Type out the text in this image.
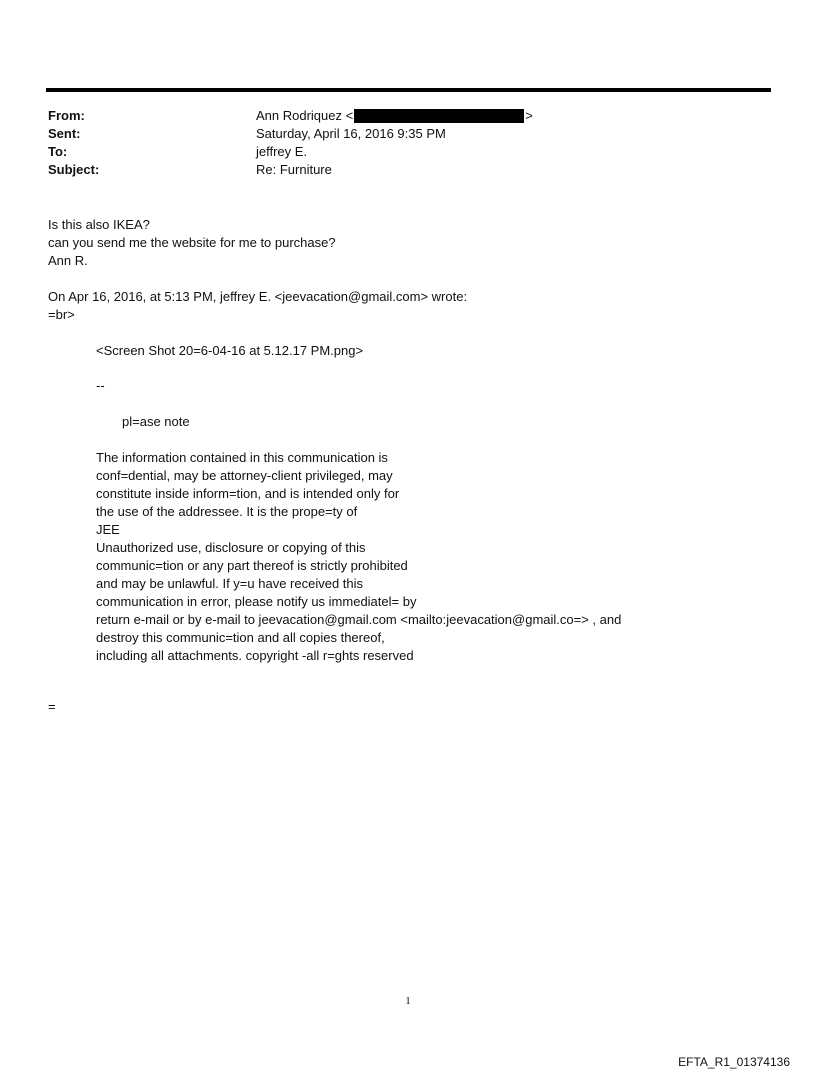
From:	Ann Rodriquez <	>
Sent:	Saturday, April 16, 2016 9:35 PM
To:	jeffrey E.
Subject:	Re: Furniture
Is this also IKEA?
can you send me the website for me to purchase?
Ann R.
On Apr 16, 2016, at 5:13 PM, jeffrey E. <jeevacation@gmail.com> wrote:
=br>
<Screen Shot 20=6-04-16 at 5.12.17 PM.png>
--
pl=ase note
The information contained in this communication is
conf=dential, may be attorney-client privileged, may
constitute inside inform=tion, and is intended only for
the use of the addressee. It is the prope=ty of
JEE
Unauthorized use, disclosure or copying of this
communic=tion or any part thereof is strictly prohibited
and may be unlawful. If y=u have received this
communication in error, please notify us immediatel= by
return e-mail or by e-mail to jeevacation@gmail.com <mailto:jeevacation@gmail.co=> , and
destroy this communic=tion and all copies thereof,
including all attachments. copyright -all r=ghts reserved
=
1
EFTA_R1_01374136
